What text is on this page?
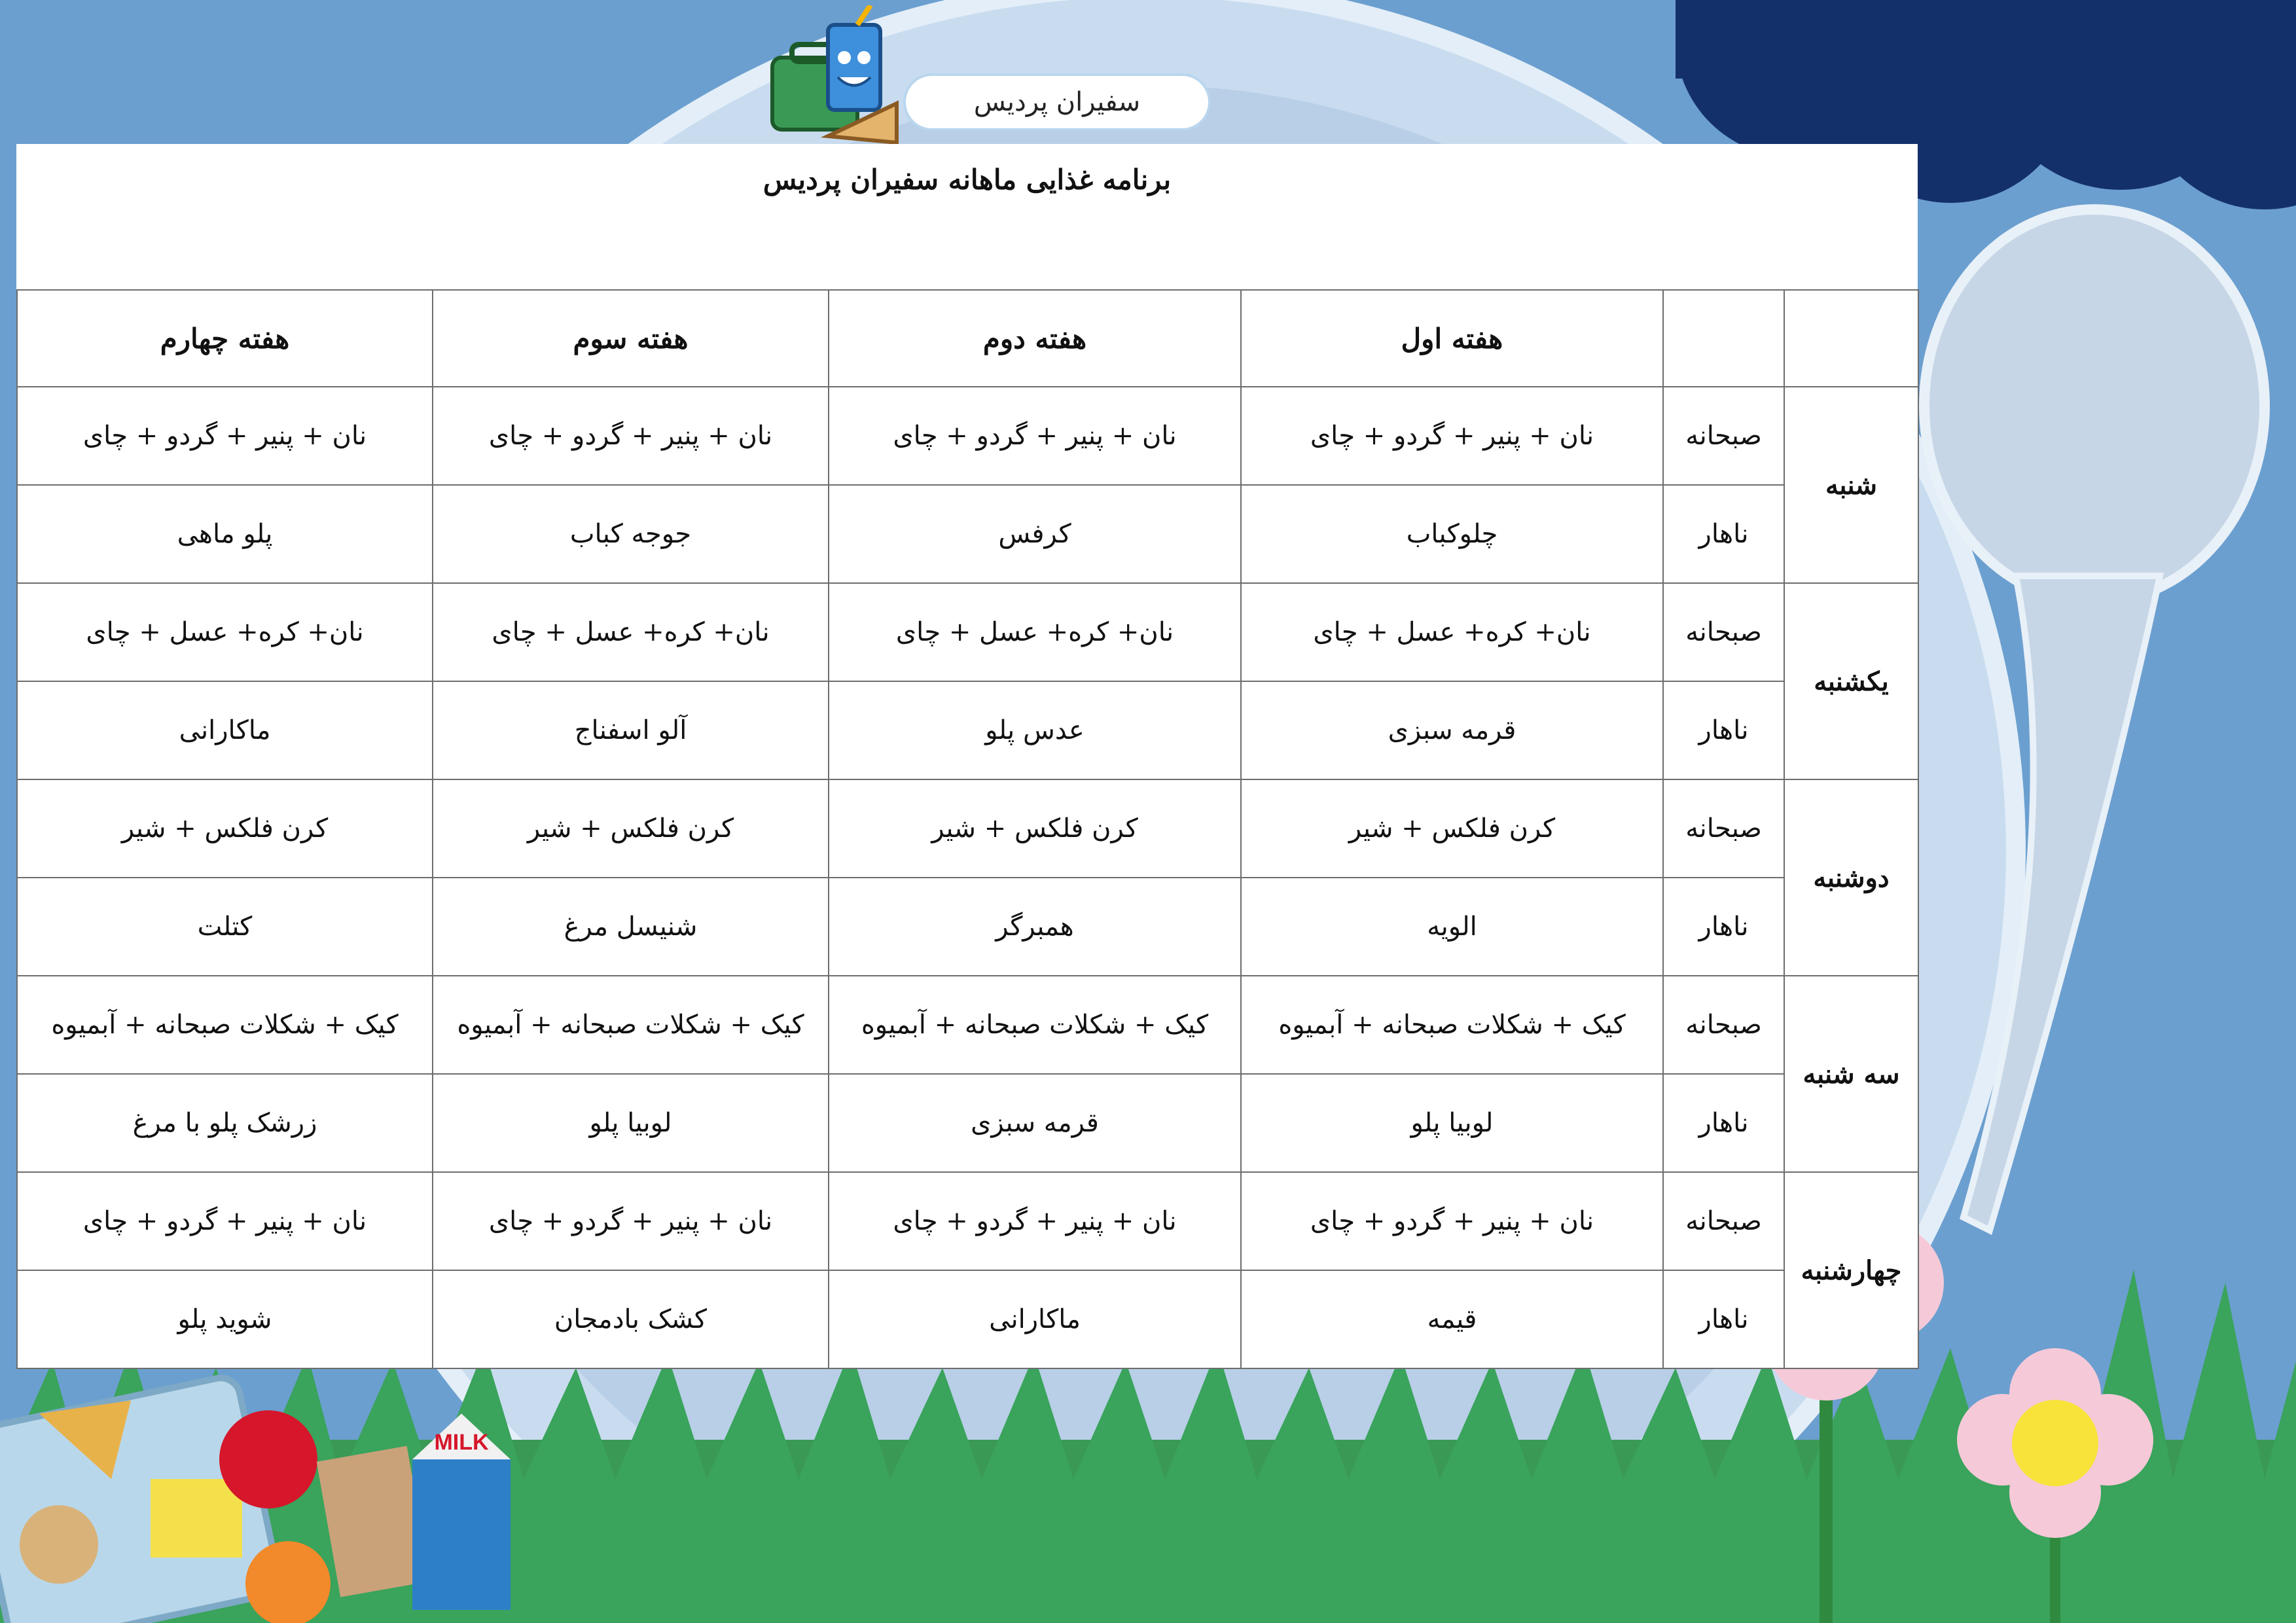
MILK
سفیران پردیس
برنامه غذایی ماهانه سفیران پردیس
		هفته اول	هفته دوم	هفته سوم	هفته چهارم
شنبه	صبحانه	نان + پنیر + گردو + چای	نان + پنیر + گردو + چای	نان + پنیر + گردو + چای	نان + پنیر + گردو + چای
	ناهار	چلوکباب	کرفس	جوجه کباب	پلو ماهی
یکشنبه	صبحانه	نان+ کره+ عسل + چای	نان+ کره+ عسل + چای	نان+ کره+ عسل + چای	نان+ کره+ عسل + چای
	ناهار	قرمه سبزی	عدس پلو	آلو اسفناج	ماکارانی
دوشنبه	صبحانه	کرن فلکس + شیر	کرن فلکس + شیر	کرن فلکس + شیر	کرن فلکس + شیر
	ناهار	الویه	همبرگر	شنیسل مرغ	کتلت
سه شنبه	صبحانه	کیک + شکلات صبحانه + آبمیوه	کیک + شکلات صبحانه + آبمیوه	کیک + شکلات صبحانه + آبمیوه	کیک + شکلات صبحانه + آبمیوه
	ناهار	لوبیا پلو	قرمه سبزی	لوبیا پلو	زرشک پلو با مرغ
چهارشنبه	صبحانه	نان + پنیر + گردو + چای	نان + پنیر + گردو + چای	نان + پنیر + گردو + چای	نان + پنیر + گردو + چای
	ناهار	قیمه	ماکارانی	کشک بادمجان	شوید پلو
